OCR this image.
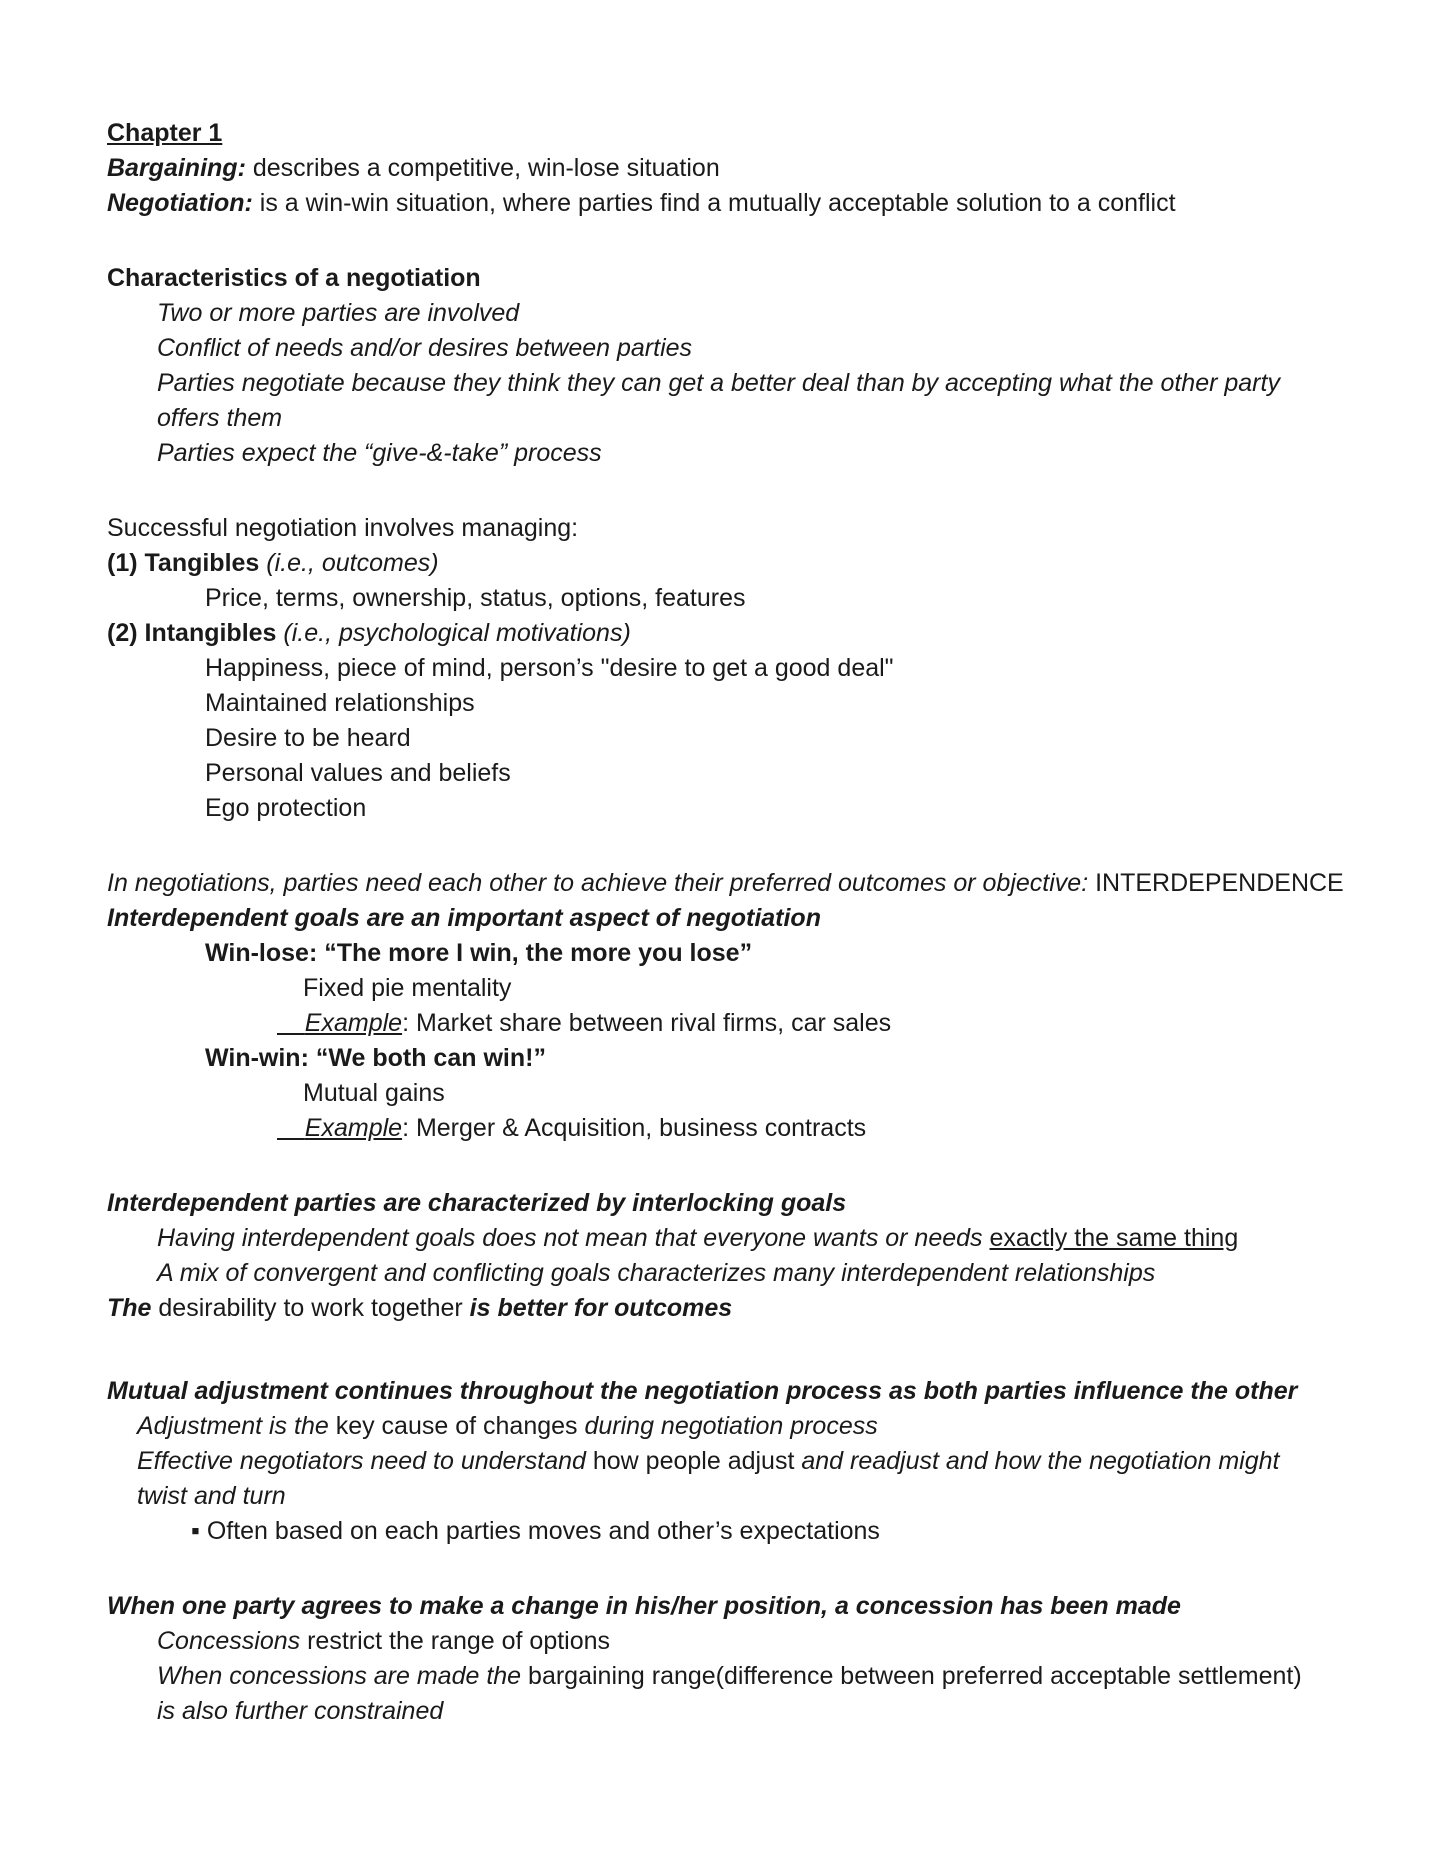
Chapter 1
Bargaining: describes a competitive, win-lose situation
Negotiation: is a win-win situation, where parties find a mutually acceptable solution to a conflict
Characteristics of a negotiation
Two or more parties are involved
Conflict of needs and/or desires between parties
Parties negotiate because they think they can get a better deal than by accepting what the other party
offers them
Parties expect the “give-&-take” process
Successful negotiation involves managing:
(1) Tangibles (i.e., outcomes)
Price, terms, ownership, status, options, features
(2) Intangibles (i.e., psychological motivations)
Happiness, piece of mind, person’s "desire to get a good deal"
Maintained relationships
Desire to be heard
Personal values and beliefs
Ego protection
In negotiations, parties need each other to achieve their preferred outcomes or objective: INTERDEPENDENCE
Interdependent goals are an important aspect of negotiation
Win-lose: “The more I win, the more you lose”
Fixed pie mentality
Example: Market share between rival firms, car sales
Win-win: “We both can win!”
Mutual gains
Example: Merger & Acquisition, business contracts
Interdependent parties are characterized by interlocking goals
Having interdependent goals does not mean that everyone wants or needs exactly the same thing
A mix of convergent and conflicting goals characterizes many interdependent relationships
The desirability to work together is better for outcomes
Mutual adjustment continues throughout the negotiation process as both parties influence the other
Adjustment is the key cause of changes during negotiation process
Effective negotiators need to understand how people adjust and readjust and how the negotiation might
twist and turn
▪ Often based on each parties moves and other’s expectations
When one party agrees to make a change in his/her position, a concession has been made
Concessions restrict the range of options
When concessions are made the bargaining range(difference between preferred acceptable settlement)
is also further constrained
